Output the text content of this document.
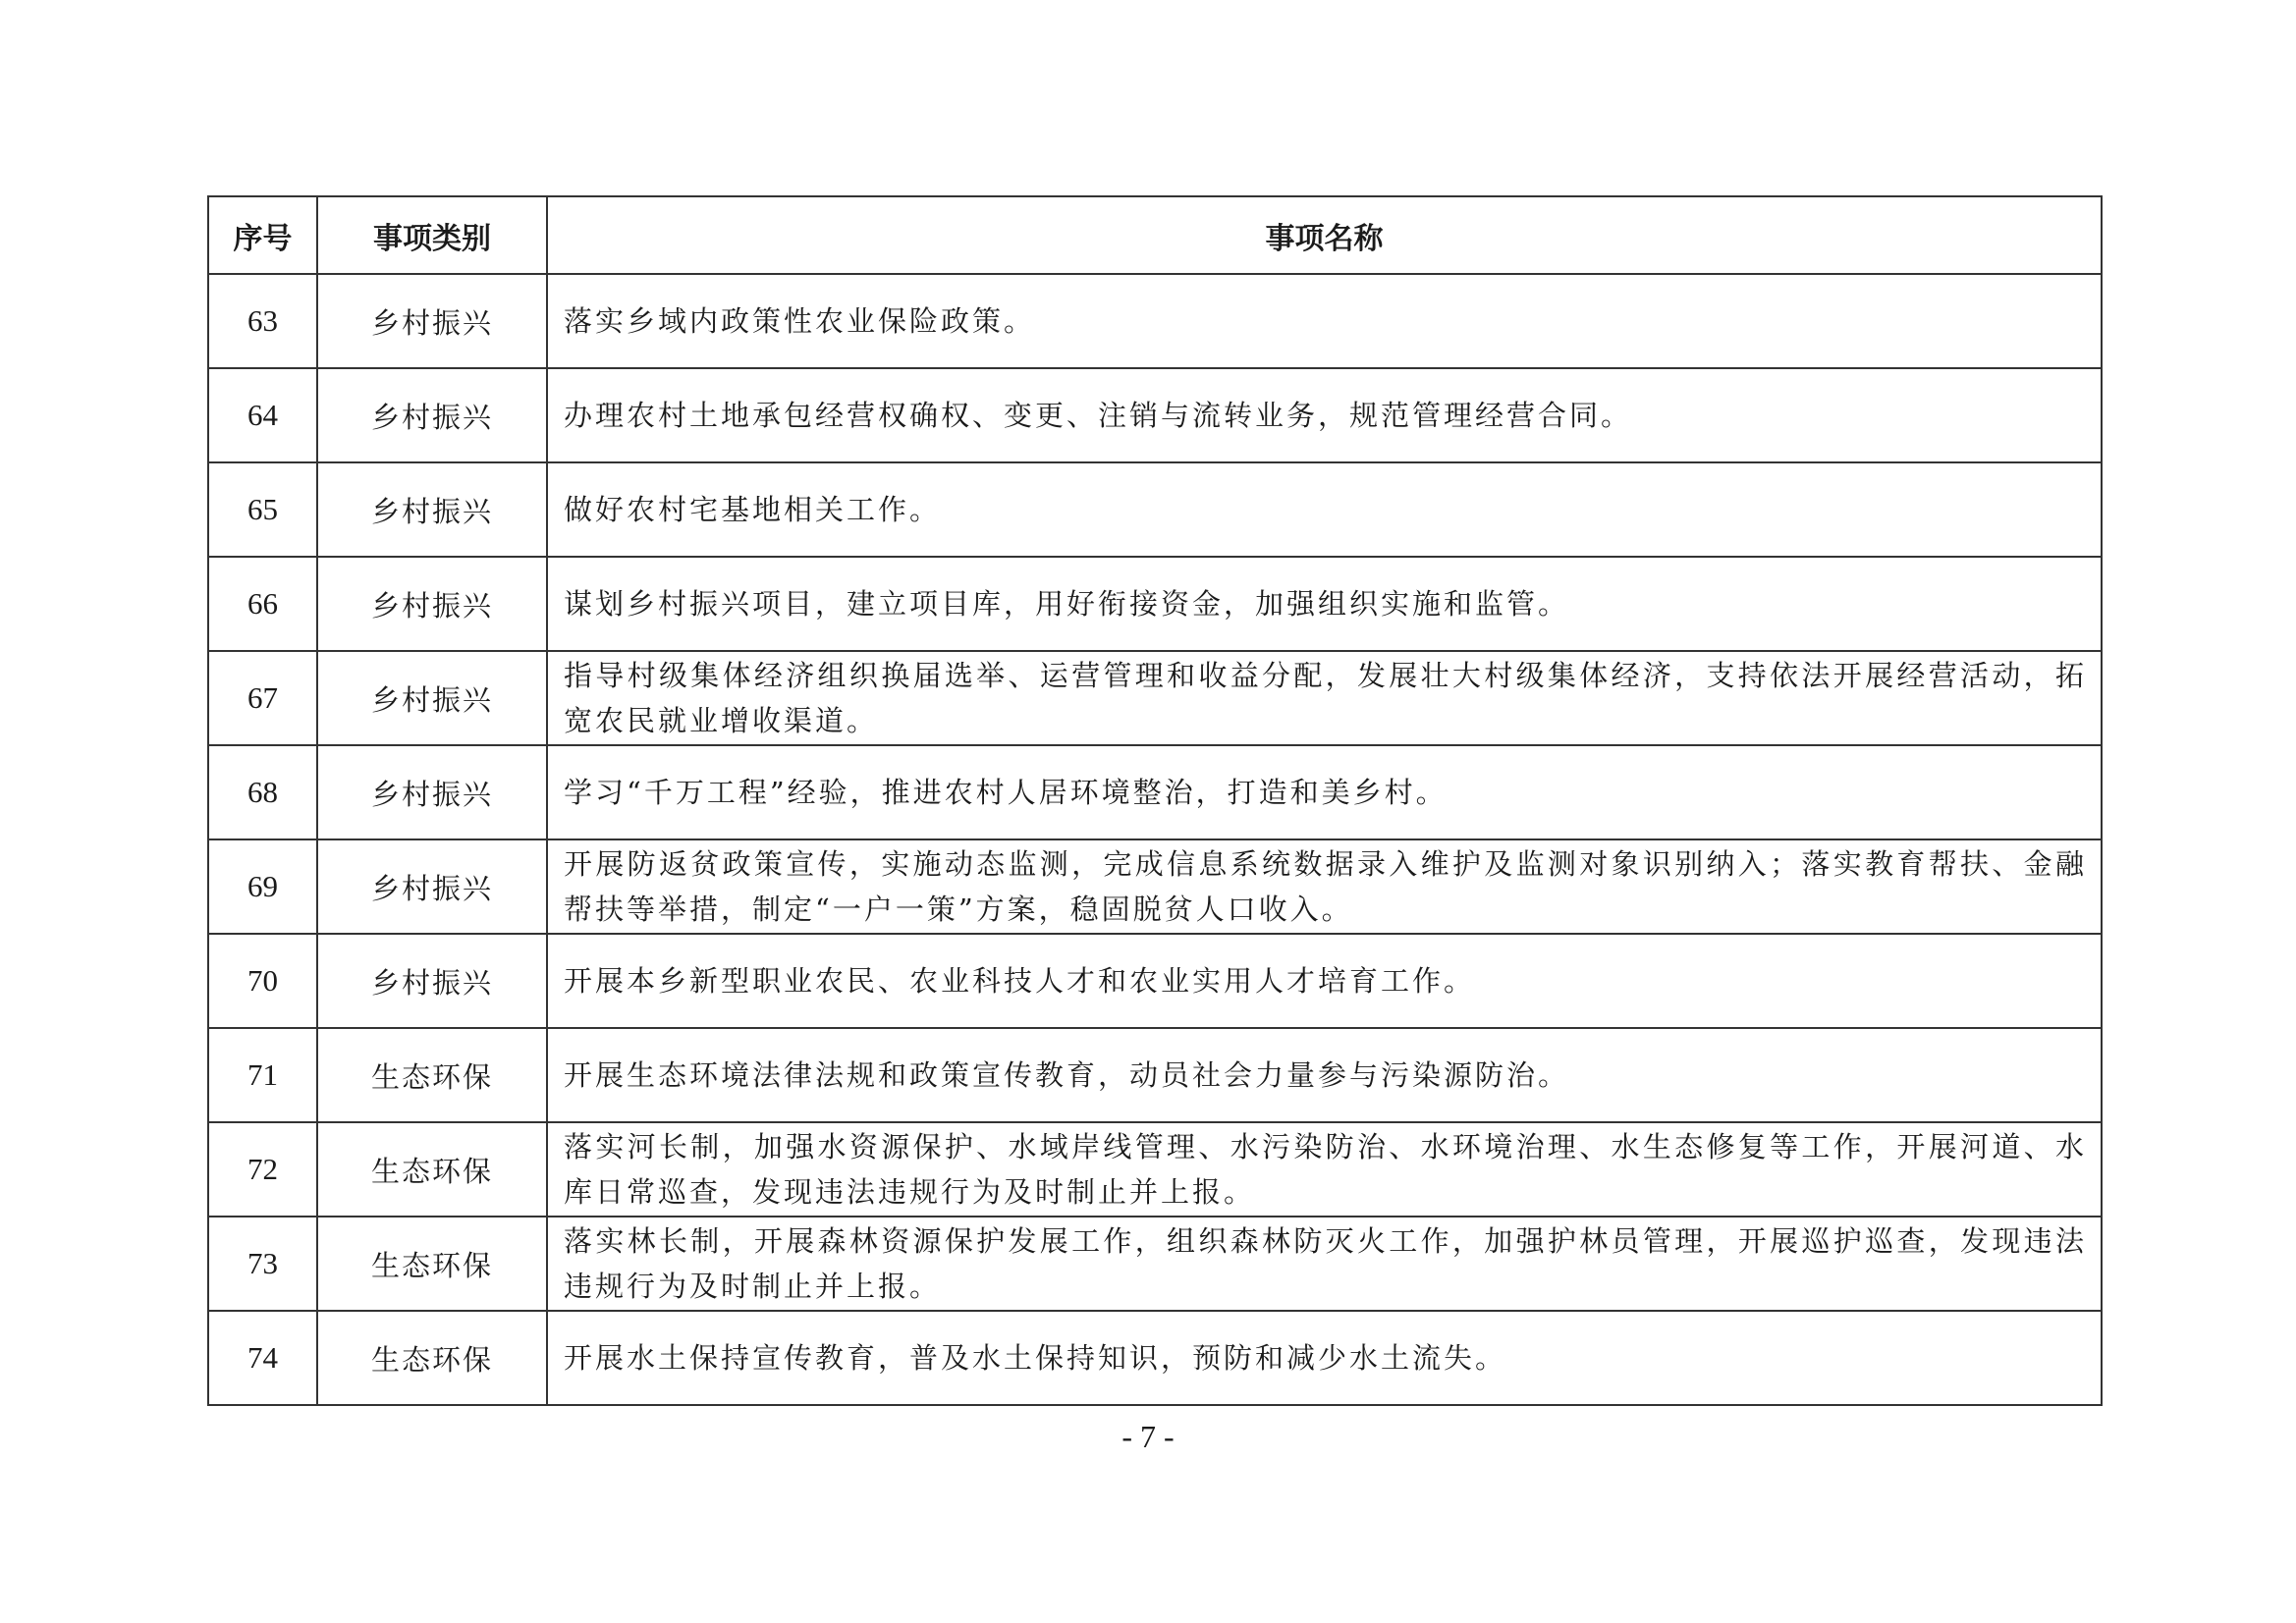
序号	事项类别	事项名称
63	乡村振兴	落实乡域内政策性农业保险政策。
64	乡村振兴	办理农村土地承包经营权确权、变更、注销与流转业务，规范管理经营合同。
65	乡村振兴	做好农村宅基地相关工作。
66	乡村振兴	谋划乡村振兴项目，建立项目库，用好衔接资金，加强组织实施和监管。
67	乡村振兴	指导村级集体经济组织换届选举、运营管理和收益分配，发展壮大村级集体经济，支持依法开展经营活动，拓宽农民就业增收渠道。
68	乡村振兴	学习“千万工程”经验，推进农村人居环境整治，打造和美乡村。
69	乡村振兴	开展防返贫政策宣传，实施动态监测，完成信息系统数据录入维护及监测对象识别纳入；落实教育帮扶、金融帮扶等举措，制定“一户一策”方案，稳固脱贫人口收入。
70	乡村振兴	开展本乡新型职业农民、农业科技人才和农业实用人才培育工作。
71	生态环保	开展生态环境法律法规和政策宣传教育，动员社会力量参与污染源防治。
72	生态环保	落实河长制，加强水资源保护、水域岸线管理、水污染防治、水环境治理、水生态修复等工作，开展河道、水库日常巡查，发现违法违规行为及时制止并上报。
73	生态环保	落实林长制，开展森林资源保护发展工作，组织森林防灭火工作，加强护林员管理，开展巡护巡查，发现违法违规行为及时制止并上报。
74	生态环保	开展水土保持宣传教育，普及水土保持知识，预防和减少水土流失。
- 7 -
